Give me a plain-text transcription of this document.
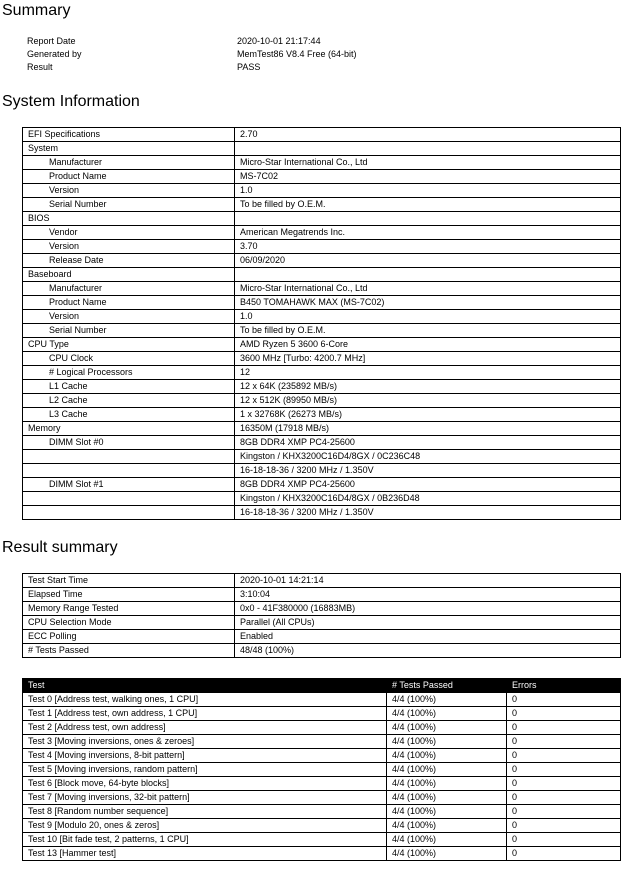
Summary
Report Date	2020-10-01 21:17:44
Generated by	MemTest86 V8.4 Free (64-bit)
Result	PASS
System Information
EFI Specifications	2.70
System	
Manufacturer	Micro-Star International Co., Ltd
Product Name	MS-7C02
Version	1.0
Serial Number	To be filled by O.E.M.
BIOS	
Vendor	American Megatrends Inc.
Version	3.70
Release Date	06/09/2020
Baseboard	
Manufacturer	Micro-Star International Co., Ltd
Product Name	B450 TOMAHAWK MAX (MS-7C02)
Version	1.0
Serial Number	To be filled by O.E.M.
CPU Type	AMD Ryzen 5 3600 6-Core
CPU Clock	3600 MHz [Turbo: 4200.7 MHz]
# Logical Processors	12
L1 Cache	12 x 64K (235892 MB/s)
L2 Cache	12 x 512K (89950 MB/s)
L3 Cache	1 x 32768K (26273 MB/s)
Memory	16350M (17918 MB/s)
DIMM Slot #0	8GB DDR4 XMP PC4-25600
	Kingston / KHX3200C16D4/8GX / 0C236C48
	16-18-18-36 / 3200 MHz / 1.350V
DIMM Slot #1	8GB DDR4 XMP PC4-25600
	Kingston / KHX3200C16D4/8GX / 0B236D48
	16-18-18-36 / 3200 MHz / 1.350V
Result summary
Test Start Time	2020-10-01 14:21:14
Elapsed Time	3:10:04
Memory Range Tested	0x0 - 41F380000 (16883MB)
CPU Selection Mode	Parallel (All CPUs)
ECC Polling	Enabled
# Tests Passed	48/48 (100%)
Test	# Tests Passed	Errors
Test 0 [Address test, walking ones, 1 CPU]	4/4 (100%)	0
Test 1 [Address test, own address, 1 CPU]	4/4 (100%)	0
Test 2 [Address test, own address]	4/4 (100%)	0
Test 3 [Moving inversions, ones & zeroes]	4/4 (100%)	0
Test 4 [Moving inversions, 8-bit pattern]	4/4 (100%)	0
Test 5 [Moving inversions, random pattern]	4/4 (100%)	0
Test 6 [Block move, 64-byte blocks]	4/4 (100%)	0
Test 7 [Moving inversions, 32-bit pattern]	4/4 (100%)	0
Test 8 [Random number sequence]	4/4 (100%)	0
Test 9 [Modulo 20, ones & zeros]	4/4 (100%)	0
Test 10 [Bit fade test, 2 patterns, 1 CPU]	4/4 (100%)	0
Test 13 [Hammer test]	4/4 (100%)	0
